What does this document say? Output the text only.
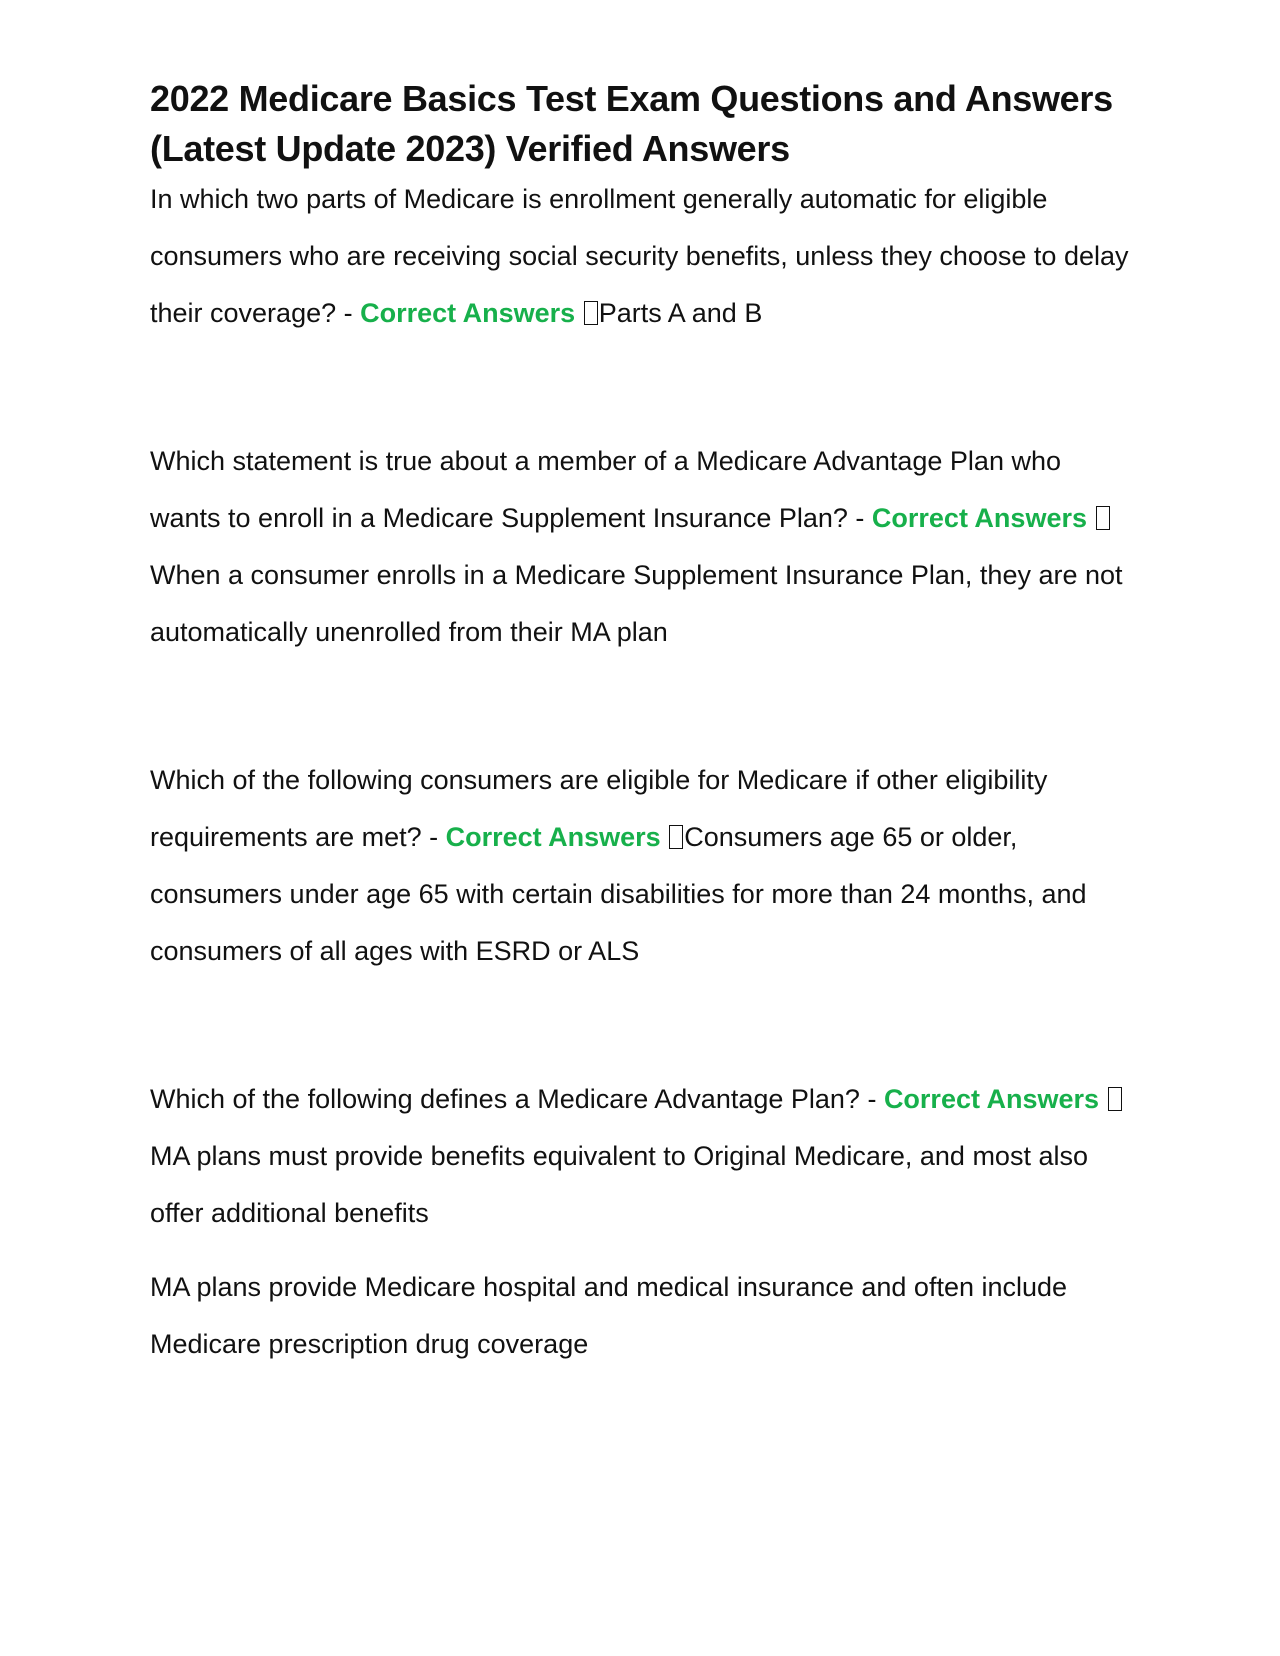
2022 Medicare Basics Test Exam Questions and Answers (Latest Update 2023) Verified Answers

In which two parts of Medicare is enrollment generally automatic for eligible consumers who are receiving social security benefits, unless they choose to delay their coverage? - Correct Answers Parts A and B

Which statement is true about a member of a Medicare Advantage Plan who wants to enroll in a Medicare Supplement Insurance Plan? - Correct Answers When a consumer enrolls in a Medicare Supplement Insurance Plan, they are not automatically unenrolled from their MA plan

Which of the following consumers are eligible for Medicare if other eligibility requirements are met? - Correct Answers Consumers age 65 or older, consumers under age 65 with certain disabilities for more than 24 months, and consumers of all ages with ESRD or ALS

Which of the following defines a Medicare Advantage Plan? - Correct Answers MA plans must provide benefits equivalent to Original Medicare, and most also offer additional benefits

MA plans provide Medicare hospital and medical insurance and often include Medicare prescription drug coverage
